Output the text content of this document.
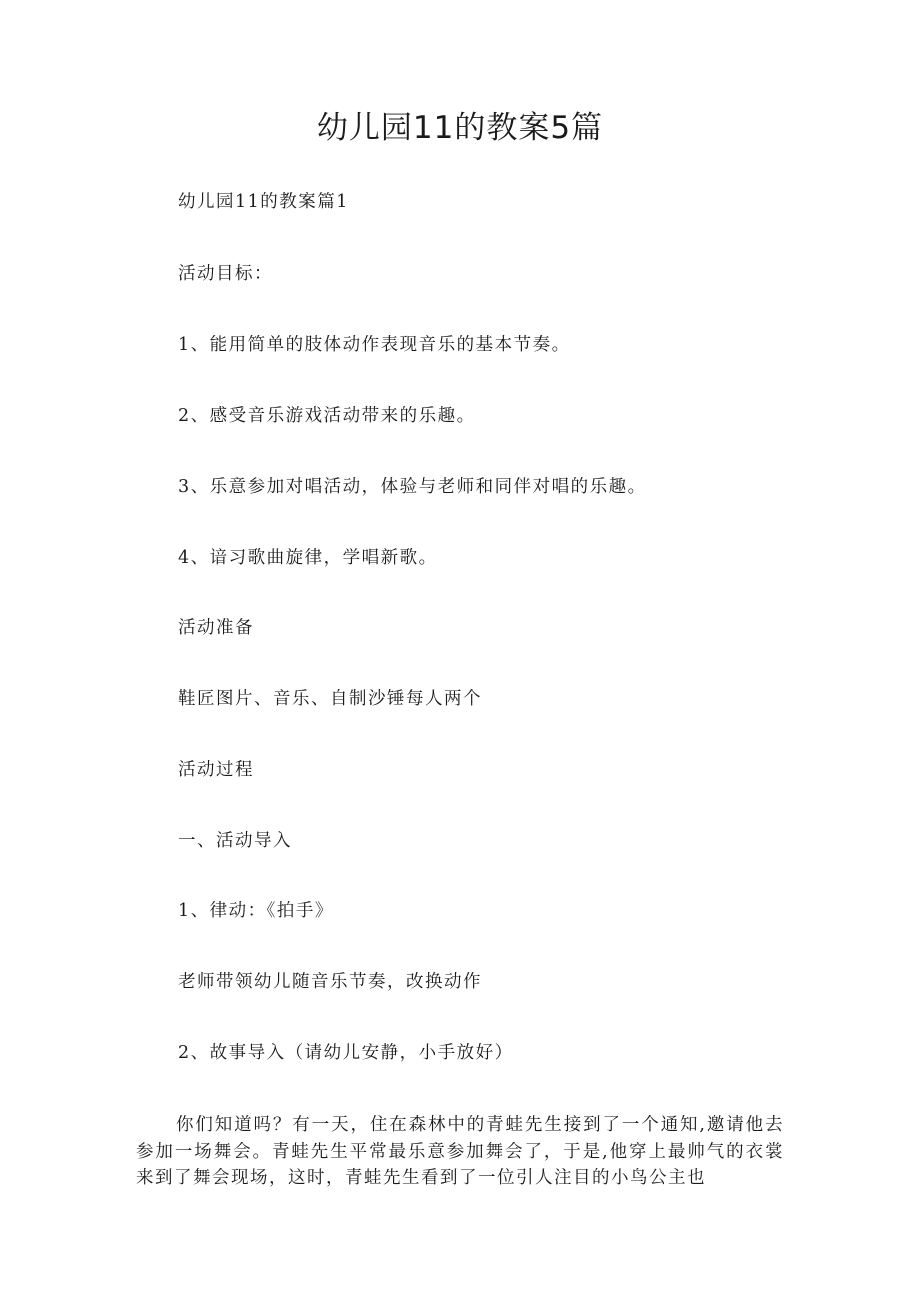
幼儿园11的教案5篇
幼儿园11的教案篇1
活动目标：
1、能用简单的肢体动作表现音乐的基本节奏。
2、感受音乐游戏活动带来的乐趣。
3、乐意参加对唱活动，体验与老师和同伴对唱的乐趣。
4、谙习歌曲旋律，学唱新歌。
活动准备
鞋匠图片、音乐、自制沙锤每人两个
活动过程
一、活动导入
1、律动：《拍手》
老师带领幼儿随音乐节奏，改换动作
2、故事导入（请幼儿安静，小手放好）
你们知道吗？有一天，住在森林中的青蛙先生接到了一个通知,邀请他去参加一场舞会。青蛙先生平常最乐意参加舞会了，于是,他穿上最帅气的衣裳来到了舞会现场，这时，青蛙先生看到了一位引人注目的小鸟公主也
